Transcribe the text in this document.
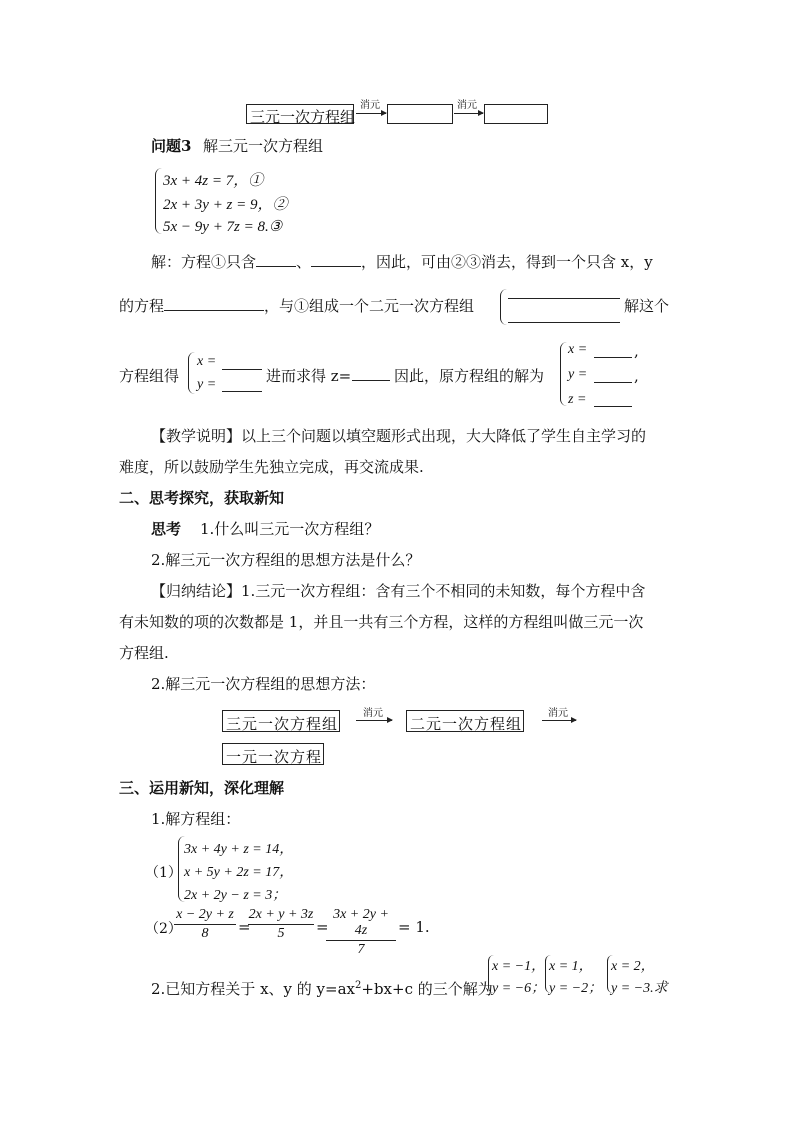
三元一次方程组
消元	消元
问题3 解三元一次方程组
3x + 4z = 7，①
2x + 3y + z = 9，②
5x − 9y + 7z = 8.③
解：方程①只含	、	，因此，可由②③消去，得到一个只含 x，y
的方程	，与①组成一个二元一次方程组	解这个
方程组得
x =
y =	进而求得 z=	因此，原方程组的解为
x =	,
y =	,
z =
【教学说明】以上三个问题以填空题形式出现，大大降低了学生自主学习的
难度，所以鼓励学生先独立完成，再交流成果.
二、思考探究，获取新知
思考 1.什么叫三元一次方程组？
2.解三元一次方程组的思想方法是什么？
【归纳结论】1.三元一次方程组：含有三个不相同的未知数，每个方程中含
有未知数的项的次数都是 1，并且一共有三个方程，这样的方程组叫做三元一次
方程组.
2.解三元一次方程组的思想方法：
三元一次方程组
消元
二元一次方程组
消元
一元一次方程
三、运用新知，深化理解
1.解方程组：
（1）
3x + 4y + z = 14，
x + 5y + 2z = 17，
2x + 2y − z = 3；
（2）
x − 2y + z
8	=
2x + y + 3z
5	=
3x + 2y + 4z
7
= 1.
2.已知方程关于 x、y 的 $y=ax^2+bx+c$ 的三个解为
x = −1，
y = −6；
x = 1，
y = −2；
x = 2，
y = −3.求
